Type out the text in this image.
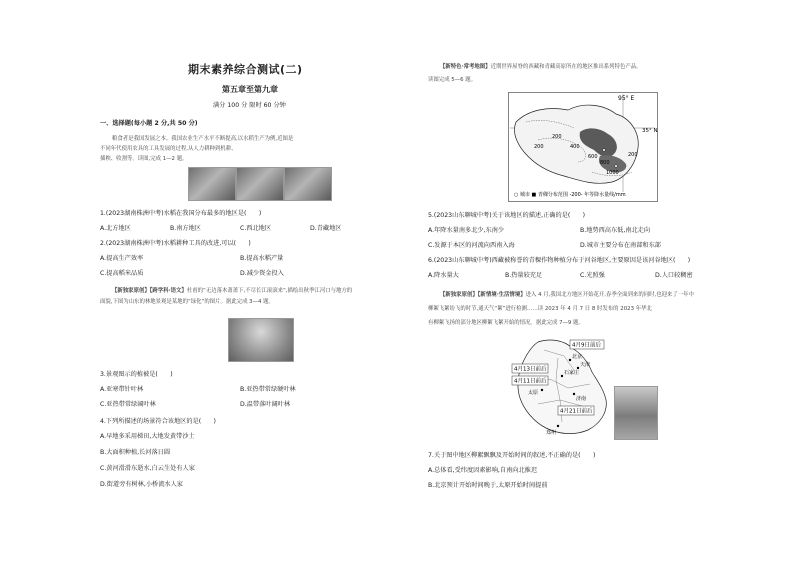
期末素养综合测试(二)
第五章至第九章
满分 100 分 限时 60 分钟
一、选择题(每小题 2 分,共 50 分)
粮食者是我国发展之本。我国农业生产水平不断提高,以水稻生产为例,近图是
不同年代使用农具的工具发展的过程,从人力耕种到机耕、
插秧、收割等。读图,完成 1—2 题。
1.(2023湖南株洲中考)水稻在我国分布最多的地区是(　　)
A.北方地区	B.南方地区	C.西北地区	D.青藏地区
2.(2023湖南株洲中考)水稻耕种工具的改进,可以(　　)
A.提高生产效率	B.提高水稻产量
C.提高稻米品质	D.减少资金投入
【新独家原创】【跨学科·语文】杜甫的“无边落木萧萧下,不尽长江滚滚来”,描绘出秋季江河口与地方的
面貌,下图为山东的林地景观是某地的“绿化”的图片。据此完成 3—4 题。
3.景观图示的植被是(　　)
A.亚寒带针叶林	B.亚热带常绿硬叶林
C.亚热带常绿阔叶林	D.温带落叶阔叶林
4.下列所描述的场景符合该地区的是(　　)
A.早地多采用梯田,大地发黄带沙土
B.大面积种植,长河落日圆
C.黄河滑滑东逝水,白云生处有人家
D.街道旁有树林,小桥流水人家
【新特色·常考地图】近期世界屋脊的西藏和青藏高原所在的地区推出系列特色产品。
读图完成 5—6 题。
95° E
35° N
200
200	400
600
800
1000
200
○ 城市 ■ 青稞分布范围 -200- 年等降水量线/mm
5.(2023山东聊城中考)关于该地区的描述,正确的是(　　)
A.年降水量南多北少,东南少	B.地势西高东低,南北走向
C.发源于本区的河流向西南入海	D.城市主要分布在南部和东部
6.(2023山东聊城中考)西藏被称誉的青稞作物种植分布于河谷地区,主要原因是该河谷地区(　　)
A.降水量大	B.热量较充足	C.光照强	D.人口较稠密
【新独家原创】【新情境·生活情境】进入 4 月,我国北方地区开始花开,春季全面到来的同时,也迎来了一年中
柳絮飞絮纷飞的时节,通天气“絮”进行检测……读 2023 年 4 月 7 日 8 时发布的 2023 年华北
有柳絮飞扬的部分地区柳絮飞絮开始的情况。据此完成 7—9 题。
4月9日前后
4月13日前后
4月11日前后
4月21日前后
北京
天津
石家庄
太原
济南
郑州
7.关于图中地区柳絮飘飘及开始时间的叙述,不正确的是(　　)
A.总体看,受纬度因素影响,自南向北推迟
B.北京预计开始时间晚于,太原开始时间提前
